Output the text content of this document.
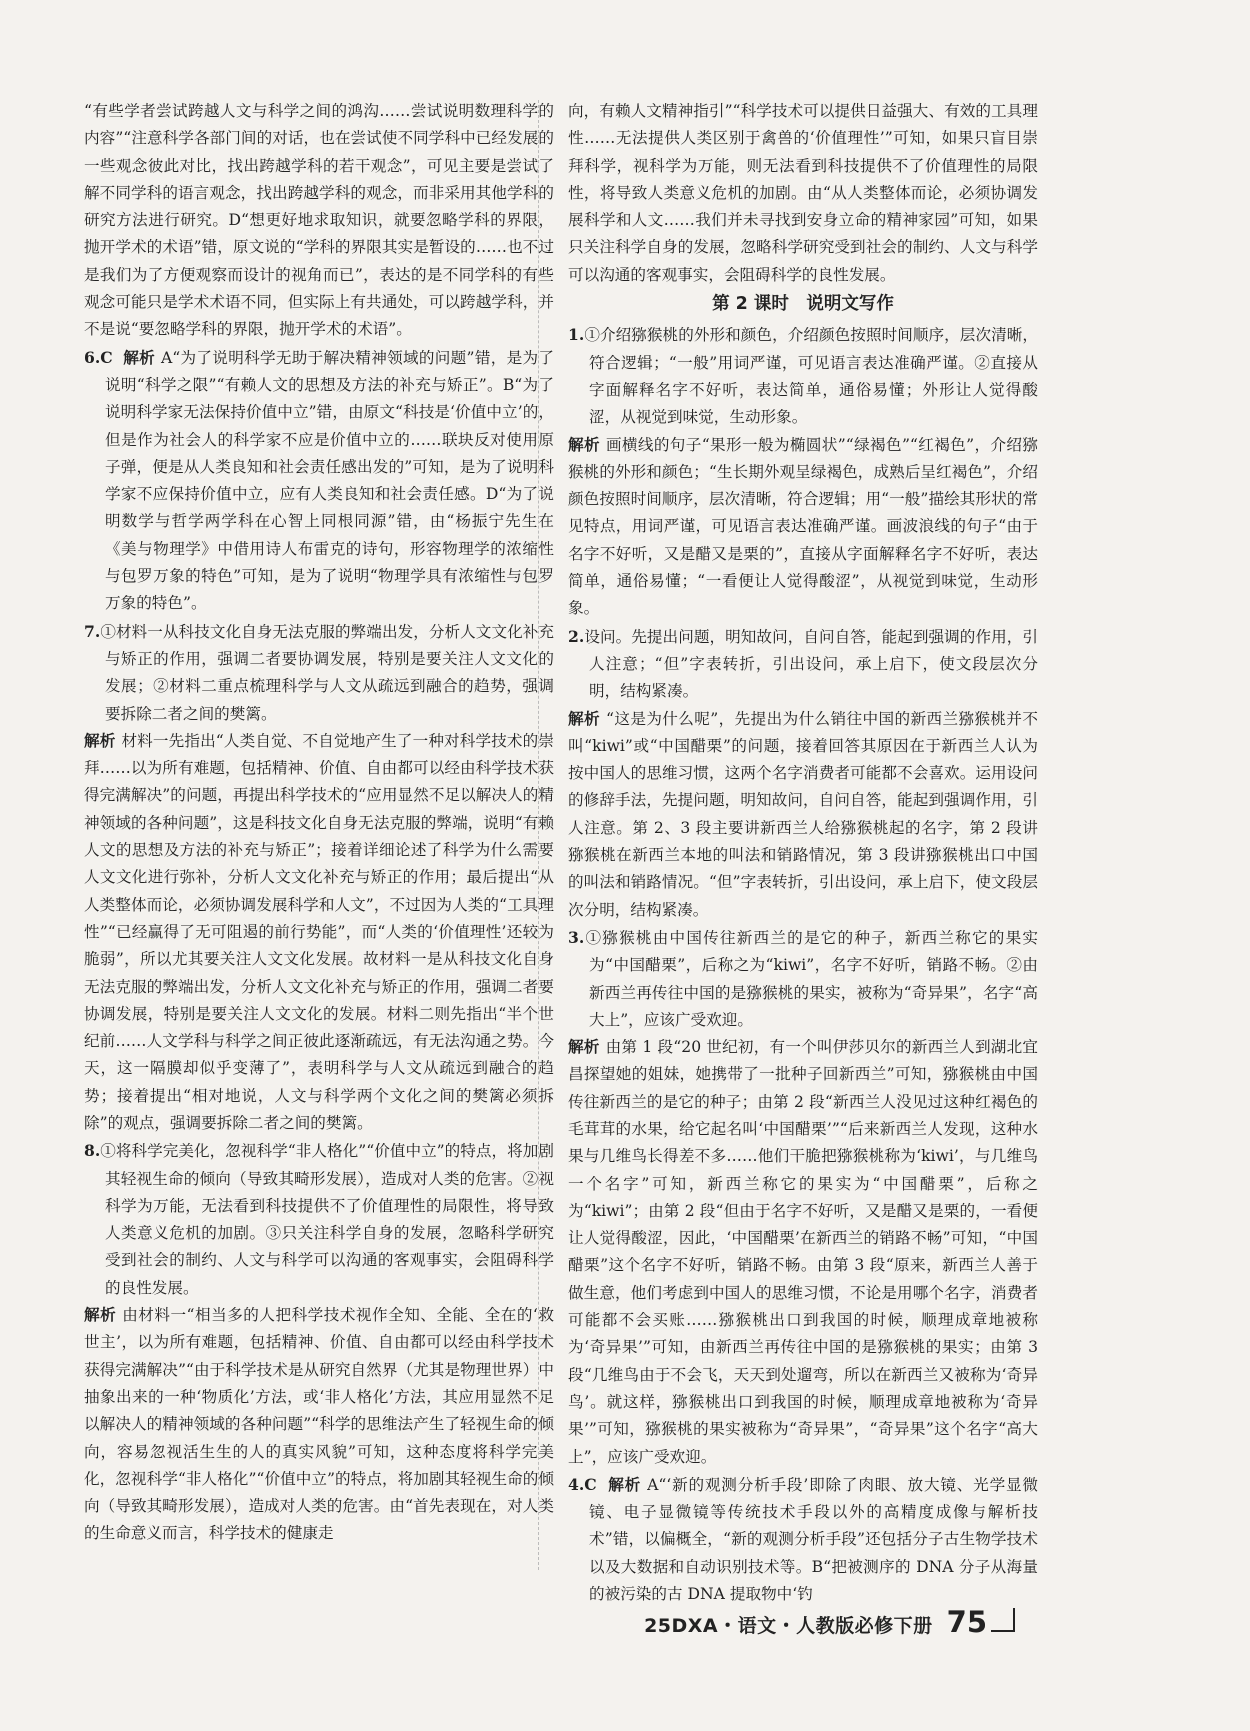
“有些学者尝试跨越人文与科学之间的鸿沟……尝试说明数理科学的内容”“注意科学各部门间的对话，也在尝试使不同学科中已经发展的一些观念彼此对比，找出跨越学科的若干观念”，可见主要是尝试了解不同学科的语言观念，找出跨越学科的观念，而非采用其他学科的研究方法进行研究。D“想更好地求取知识，就要忽略学科的界限，抛开学术的术语”错，原文说的“学科的界限其实是暂设的……也不过是我们为了方便观察而设计的视角而已”，表达的是不同学科的有些观念可能只是学术术语不同，但实际上有共通处，可以跨越学科，并不是说“要忽略学科的界限，抛开学术的术语”。

6.C 解析 A“为了说明科学无助于解决精神领域的问题”错，是为了说明“科学之限”“有赖人文的思想及方法的补充与矫正”。B“为了说明科学家无法保持价值中立”错，由原文“科技是‘价值中立’的，但是作为社会人的科学家不应是价值中立的……联块反对使用原子弹，便是从人类良知和社会责任感出发的”可知，是为了说明科学家不应保持价值中立，应有人类良知和社会责任感。D“为了说明数学与哲学两学科在心智上同根同源”错，由“杨振宁先生在《美与物理学》中借用诗人布雷克的诗句，形容物理学的浓缩性与包罗万象的特色”可知，是为了说明“物理学具有浓缩性与包罗万象的特色”。

7.①材料一从科技文化自身无法克服的弊端出发，分析人文文化补充与矫正的作用，强调二者要协调发展，特别是要关注人文文化的发展；②材料二重点梳理科学与人文从疏远到融合的趋势，强调要拆除二者之间的樊篱。

解析 材料一先指出“人类自觉、不自觉地产生了一种对科学技术的崇拜……以为所有难题，包括精神、价值、自由都可以经由科学技术获得完满解决”的问题，再提出科学技术的“应用显然不足以解决人的精神领域的各种问题”，这是科技文化自身无法克服的弊端，说明“有赖人文的思想及方法的补充与矫正”；接着详细论述了科学为什么需要人文文化进行弥补，分析人文文化补充与矫正的作用；最后提出“从人类整体而论，必须协调发展科学和人文”，不过因为人类的“工具理性”“已经赢得了无可阻遏的前行势能”，而“人类的‘价值理性’还较为脆弱”，所以尤其要关注人文文化发展。故材料一是从科技文化自身无法克服的弊端出发，分析人文文化补充与矫正的作用，强调二者要协调发展，特别是要关注人文文化的发展。材料二则先指出“半个世纪前……人文学科与科学之间正彼此逐渐疏远，有无法沟通之势。今天，这一隔膜却似乎变薄了”，表明科学与人文从疏远到融合的趋势；接着提出“相对地说，人文与科学两个文化之间的樊篱必须拆除”的观点，强调要拆除二者之间的樊篱。

8.①将科学完美化，忽视科学“非人格化”“价值中立”的特点，将加剧其轻视生命的倾向（导致其畸形发展），造成对人类的危害。②视科学为万能，无法看到科技提供不了价值理性的局限性，将导致人类意义危机的加剧。③只关注科学自身的发展，忽略科学研究受到社会的制约、人文与科学可以沟通的客观事实，会阻碍科学的良性发展。

解析 由材料一“相当多的人把科学技术视作全知、全能、全在的‘救世主’，以为所有难题，包括精神、价值、自由都可以经由科学技术获得完满解决”“由于科学技术是从研究自然界（尤其是物理世界）中抽象出来的一种‘物质化’方法，或‘非人格化’方法，其应用显然不足以解决人的精神领域的各种问题”“科学的思维法产生了轻视生命的倾向，容易忽视活生生的人的真实风貌”可知，这种态度将科学完美化，忽视科学“非人格化”“价值中立”的特点，将加剧其轻视生命的倾向（导致其畸形发展），造成对人类的危害。由“首先表现在，对人类的生命意义而言，科学技术的健康走

向，有赖人文精神指引”“科学技术可以提供日益强大、有效的工具理性……无法提供人类区别于禽兽的‘价值理性’”可知，如果只盲目崇拜科学，视科学为万能，则无法看到科技提供不了价值理性的局限性，将导致人类意义危机的加剧。由“从人类整体而论，必须协调发展科学和人文……我们并未寻找到安身立命的精神家园”可知，如果只关注科学自身的发展，忽略科学研究受到社会的制约、人文与科学可以沟通的客观事实，会阻碍科学的良性发展。

第 2 课时　说明文写作

1.①介绍猕猴桃的外形和颜色，介绍颜色按照时间顺序，层次清晰，符合逻辑；“一般”用词严谨，可见语言表达准确严谨。②直接从字面解释名字不好听，表达简单，通俗易懂；外形让人觉得酸涩，从视觉到味觉，生动形象。

解析 画横线的句子“果形一般为椭圆状”“绿褐色”“红褐色”，介绍猕猴桃的外形和颜色；“生长期外观呈绿褐色，成熟后呈红褐色”，介绍颜色按照时间顺序，层次清晰，符合逻辑；用“一般”描绘其形状的常见特点，用词严谨，可见语言表达准确严谨。画波浪线的句子“由于名字不好听，又是醋又是栗的”，直接从字面解释名字不好听，表达简单，通俗易懂；“一看便让人觉得酸涩”，从视觉到味觉，生动形象。

2.设问。先提出问题，明知故问，自问自答，能起到强调的作用，引人注意；“但”字表转折，引出设问，承上启下，使文段层次分明，结构紧凑。

解析 “这是为什么呢”，先提出为什么销往中国的新西兰猕猴桃并不叫“kiwi”或“中国醋栗”的问题，接着回答其原因在于新西兰人认为按中国人的思维习惯，这两个名字消费者可能都不会喜欢。运用设问的修辞手法，先提问题，明知故问，自问自答，能起到强调作用，引人注意。第 2、3 段主要讲新西兰人给猕猴桃起的名字，第 2 段讲猕猴桃在新西兰本地的叫法和销路情况，第 3 段讲猕猴桃出口中国的叫法和销路情况。“但”字表转折，引出设问，承上启下，使文段层次分明，结构紧凑。

3.①猕猴桃由中国传往新西兰的是它的种子，新西兰称它的果实为“中国醋栗”，后称之为“kiwi”，名字不好听，销路不畅。②由新西兰再传往中国的是猕猴桃的果实，被称为“奇异果”，名字“高大上”，应该广受欢迎。

解析 由第 1 段“20 世纪初，有一个叫伊莎贝尔的新西兰人到湖北宜昌探望她的姐妹，她携带了一批种子回新西兰”可知，猕猴桃由中国传往新西兰的是它的种子；由第 2 段“新西兰人没见过这种红褐色的毛茸茸的水果，给它起名叫‘中国醋栗’”“后来新西兰人发现，这种水果与几维鸟长得差不多……他们干脆把猕猴桃称为‘kiwi’，与几维鸟一个名字”可知，新西兰称它的果实为“中国醋栗”，后称之为“kiwi”；由第 2 段“但由于名字不好听，又是醋又是栗的，一看便让人觉得酸涩，因此，‘中国醋栗’在新西兰的销路不畅”可知，“中国醋栗”这个名字不好听，销路不畅。由第 3 段“原来，新西兰人善于做生意，他们考虑到中国人的思维习惯，不论是用哪个名字，消费者可能都不会买账……猕猴桃出口到我国的时候，顺理成章地被称为‘奇异果’”可知，由新西兰再传往中国的是猕猴桃的果实；由第 3 段“几维鸟由于不会飞，天天到处遛弯，所以在新西兰又被称为‘奇异鸟’。就这样，猕猴桃出口到我国的时候，顺理成章地被称为‘奇异果’”可知，猕猴桃的果实被称为“奇异果”，“奇异果”这个名字“高大上”，应该广受欢迎。

4.C 解析 A“‘新的观测分析手段’即除了肉眼、放大镜、光学显微镜、电子显微镜等传统技术手段以外的高精度成像与解析技术”错，以偏概全，“新的观测分析手段”还包括分子古生物学技术以及大数据和自动识别技术等。B“把被测序的 DNA 分子从海量的被污染的古 DNA 提取物中‘钓

25DXA・语文・人教版必修下册 75
